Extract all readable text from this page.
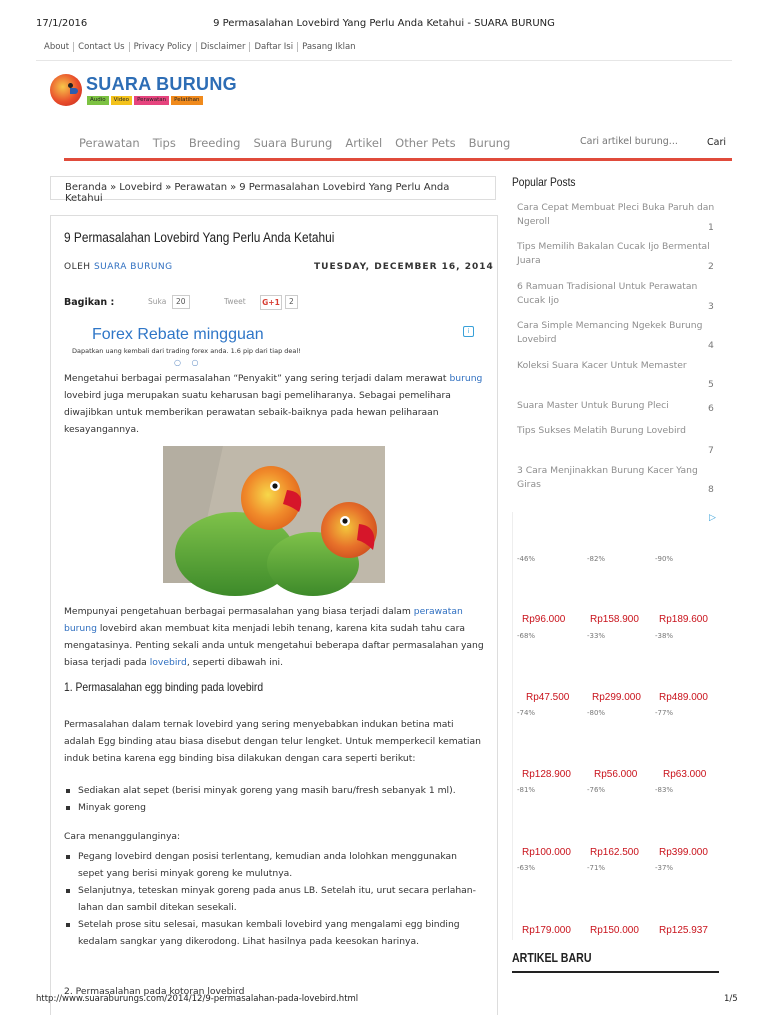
17/1/2016	9 Permasalahan Lovebird Yang Perlu Anda Ketahui - SUARA BURUNG
About	Contact Us	Privacy Policy	Disclaimer	Daftar Isi	Pasang Iklan
SUARA BURUNG
Audio	Video	Perawatan	Pelatihan
Perawatan Tips Breeding Suara Burung Artikel Other Pets Burung
Cari artikel burung...	Cari
Beranda » Lovebird » Perawatan » 9 Permasalahan Lovebird Yang Perlu Anda Ketahui
9 Permasalahan Lovebird Yang Perlu Anda Ketahui
OLEH SUARA BURUNG	TUESDAY, DECEMBER 16, 2014
Bagikan :	Suka	20	Tweet G+1	2
Forex Rebate mingguan
Dapatkan uang kembali dari trading forex anda. 1.6 pip dari tiap deal!
○ ○
i
Mengetahui berbagai permasalahan “Penyakit” yang sering terjadi dalam merawat burung lovebird juga merupakan suatu keharusan bagi pemeliharanya. Sebagai pemelihara diwajibkan untuk memberikan perawatan sebaik-baiknya pada hewan peliharaan kesayangannya.
Mempunyai pengetahuan berbagai permasalahan yang biasa terjadi dalam perawatan burung lovebird akan membuat kita menjadi lebih tenang, karena kita sudah tahu cara mengatasinya. Penting sekali anda untuk mengetahui beberapa daftar permasalahan yang biasa terjadi pada lovebird, seperti dibawah ini.
1. Permasalahan egg binding pada lovebird
Permasalahan dalam ternak lovebird yang sering menyebabkan indukan betina mati adalah Egg binding atau biasa disebut dengan telur lengket. Untuk memperkecil kematian induk betina karena egg binding bisa dilakukan dengan cara seperti berikut:
Sediakan alat sepet (berisi minyak goreng yang masih baru/fresh sebanyak 1 ml).
Minyak goreng
Cara menanggulanginya:
Pegang lovebird dengan posisi terlentang, kemudian anda lolohkan menggunakan sepet yang berisi minyak goreng ke mulutnya.
Selanjutnya, teteskan minyak goreng pada anus LB. Setelah itu, urut secara perlahan-lahan dan sambil ditekan sesekali.
Setelah prose situ selesai, masukan kembali lovebird yang mengalami egg binding kedalam sangkar yang dikerodong. Lihat hasilnya pada keesokan harinya.
2. Permasalahan pada kotoran lovebird
Popular Posts
Cara Cepat Membuat Pleci Buka Paruh dan Ngeroll
1
Tips Memilih Bakalan Cucak Ijo Bermental Juara
2
6 Ramuan Tradisional Untuk Perawatan Cucak Ijo
3
Cara Simple Memancing Ngekek Burung Lovebird
4
Koleksi Suara Kacer Untuk Memaster
5
Suara Master Untuk Burung Pleci	6
Tips Sukses Melatih Burung Lovebird
7
3 Cara Menjinakkan Burung Kacer Yang Giras	8
▷
-46%	-82%	-90%
Rp96.000 Rp158.900 Rp189.600
-68%	-33%	-38%
Rp47.500 Rp299.000 Rp489.000
-74%	-80%	-77%
Rp128.900 Rp56.000	Rp63.000
-81%	-76%	-83%
Rp100.000 Rp162.500 Rp399.000
-63%	-71%	-37%
Rp179.000 Rp150.000 Rp125.937
ARTIKEL BARU
http://www.suaraburungs.com/2014/12/9-permasalahan-pada-lovebird.html	1/5
